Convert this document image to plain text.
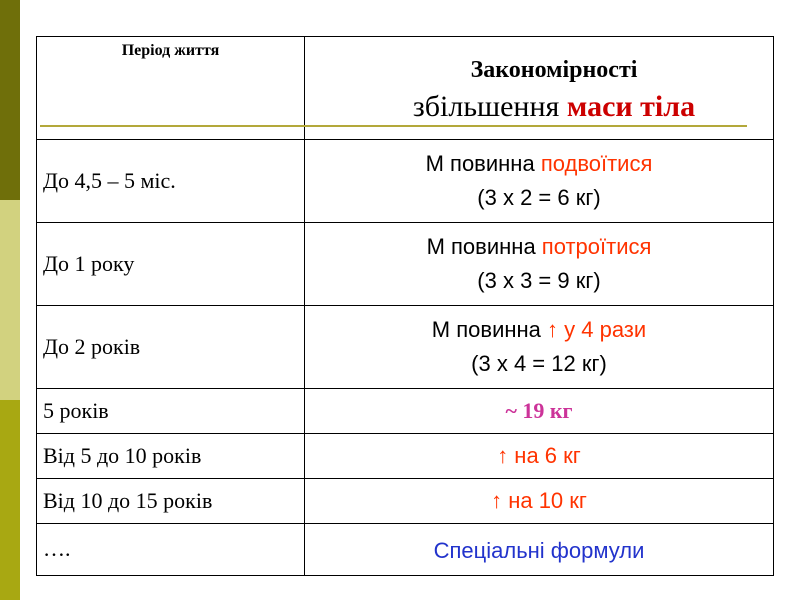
Період життя	Закономірності
збільшення маси тіла

До 4,5 – 5 міс.	М повинна подвоїтися
(3 х 2 = 6 кг)

До 1 року	М повинна потроїтися
(3 х 3 = 9 кг)

До 2 років	М повинна ↑ у 4 рази
(3 х 4 = 12 кг)

5 років	~ 19 кг
Від 5 до 10 років	↑ на 6 кг
Від 10 до 15 років	↑ на 10 кг
….	Спеціальні формули
